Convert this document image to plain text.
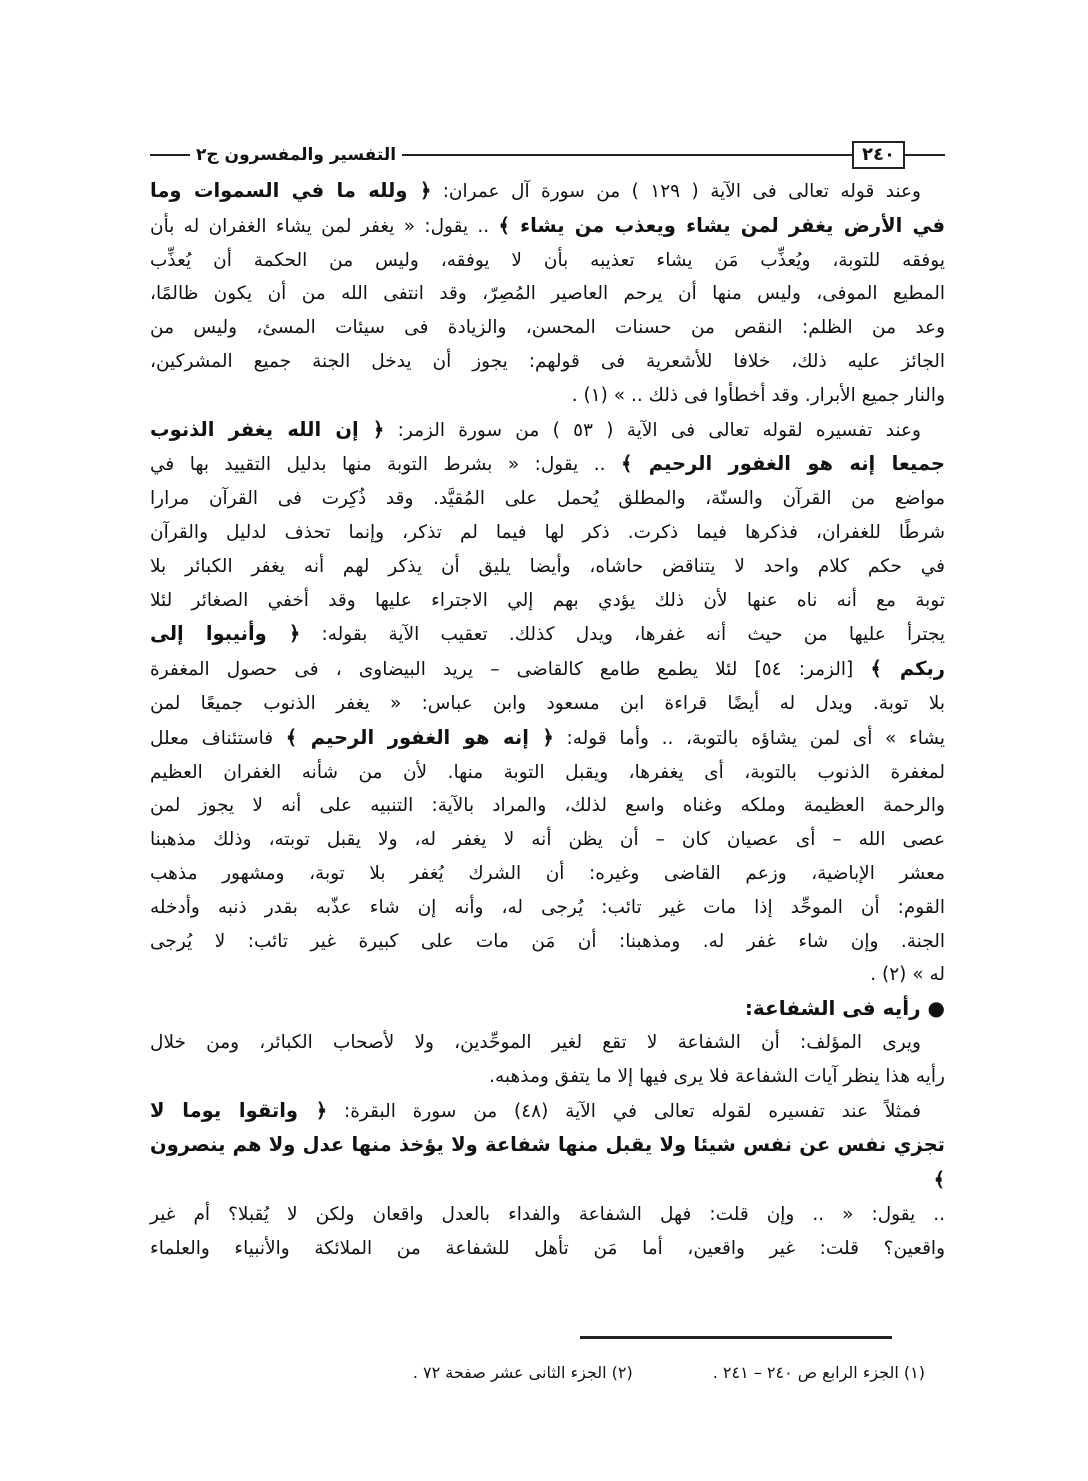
٢٤٠
التفسير والمفسرون ج٢
وعند قوله تعالى فى الآية ( ١٢٩ ) من سورة آل عمران: ﴿ ولله ما في السموات وما
في الأرض يغفر لمن يشاء ويعذب من يشاء ﴾ .. يقول: « يغفر لمن يشاء الغفران له بأن
يوفقه للتوبة، ويُعذِّب مَن يشاء تعذيبه بأن لا يوفقه، وليس من الحكمة أن يُعذِّب
المطيع الموفى، وليس منها أن يرحم العاصير المُصِرّ، وقد انتفى الله من أن يكون ظالمًا،
وعد من الظلم: النقص من حسنات المحسن، والزيادة فى سيئات المسئ، وليس من
الجائز عليه ذلك، خلافا للأشعرية فى قولهم: يجوز أن يدخل الجنة جميع المشركين،
والنار جميع الأبرار. وقد أخطأوا فى ذلك .. » (١) .
وعند تفسيره لقوله تعالى فى الآية ( ٥٣ ) من سورة الزمر: ﴿ إن الله يغفر الذنوب
جميعا إنه هو الغفور الرحيم ﴾ .. يقول: « بشرط التوبة منها بدليل التقييد بها في
مواضع من القرآن والسنّة، والمطلق يُحمل على المُقيَّد. وقد ذُكِرت فى القرآن مرارا
شرطًا للغفران، فذكرها فيما ذكرت. ذكر لها فيما لم تذكر، وإنما تحذف لدليل والقرآن
في حكم كلام واحد لا يتناقض حاشاه، وأيضا يليق أن يذكر لهم أنه يغفر الكبائر بلا
توبة مع أنه ناه عنها لأن ذلك يؤدي بهم إلي الاجتراء عليها وقد أخفي الصغائر لئلا
يجترأ عليها من حيث أنه غفرها، ويدل كذلك. تعقيب الآية بقوله: ﴿ وأنيبوا إلى
ربكم ﴾ [الزمر: ٥٤] لئلا يطمع طامع كالقاضى – يريد البيضاوى ، فى حصول المغفرة
بلا توبة. ويدل له أيضًا قراءة ابن مسعود وابن عباس: « يغفر الذنوب جميعًا لمن
يشاء » أى لمن يشاؤه بالتوبة، .. وأما قوله: ﴿ إنه هو الغفور الرحيم ﴾ فاستئناف معلل
لمغفرة الذنوب بالتوبة، أى يغفرها، ويقبل التوبة منها. لأن من شأنه الغفران العظيم
والرحمة العظيمة وملكه وغناه واسع لذلك، والمراد بالآية: التنبيه على أنه لا يجوز لمن
عصى الله – أى عصيان كان – أن يظن أنه لا يغفر له، ولا يقبل توبته، وذلك مذهبنا
معشر الإباضية، وزعم القاضى وغيره: أن الشرك يُغفر بلا توبة، ومشهور مذهب
القوم: أن الموحِّد إذا مات غير تائب: يُرجى له، وأنه إن شاء عذّبه بقدر ذنبه وأدخله
الجنة. وإن شاء غفر له. ومذهبنا: أن مَن مات على كبيرة غير تائب: لا يُرجى
له » (٢) .
● رأيه فى الشفاعة:
ويرى المؤلف: أن الشفاعة لا تقع لغير الموحِّدين، ولا لأصحاب الكبائر، ومن خلال
رأيه هذا ينظر آيات الشفاعة فلا يرى فيها إلا ما يتفق ومذهبه.
فمثلاً عند تفسيره لقوله تعالى في الآية (٤٨) من سورة البقرة: ﴿ واتقوا يوما لا
تجزي نفس عن نفس شيئا ولا يقبل منها شفاعة ولا يؤخذ منها عدل ولا هم ينصرون ﴾
.. يقول: « .. وإن قلت: فهل الشفاعة والفداء بالعدل واقعان ولكن لا يُقبلا؟ أم غير
واقعين؟ قلت: غير واقعين، أما مَن تأهل للشفاعة من الملائكة والأنبياء والعلماء
(١) الجزء الرابع ص ٢٤٠ – ٢٤١ .
(٢) الجزء الثانى عشر صفحة ٧٢ .
